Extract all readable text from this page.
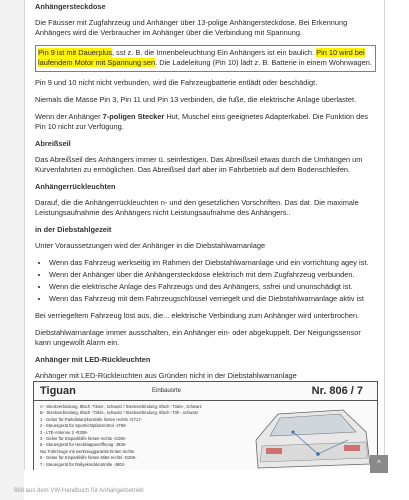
Anhängersteckdose

Die Fäusser mit Zugfahrzeug und Anhänger über 13-polige Anhängersteckdose. Bei Erkennung Anhängers wird die Verbraucher im Anhänger über die Verbindung mit Spannung.

Pin 9 ist mit Dauerplus, sst z. B. die Innenbeleuchtung Ein Anhängers ist ein baulich. Pin 10 wird bei laufendem Motor mit Spannung sen. Die Ladeleitung (Pin 10) lädt z. B. Batterie in einem Wohnwagen.

Pin 9 und 10 nicht nicht verbunden, wird die Fahrzeugbatterie entlädt oder beschädigt.

Niemals die Masse Pin 3, Pin 11 und Pin 13 verbinden, die fuße, die elektrische Anlage überlastet.

Wenn der Anhänger 7-poligen Stecker Hut, Muschel eins geeignetes Adapterkabel. Die Funktion des Pin 10 nicht zur Verfügung.

Abreißseil

Das Abreißseil des Anhängers immer ü. seinfestigen. Das Abreißseil etwas durch die Umhängen um Kurvenfahrten zu ermöglichen. Das Abreißseil darf aber im Fahrbetrieb auf dem Bodenschleifen.

Anhängerrückleuchten

Darauf, die die Anhängerrückleuchten n- und den gesetzlichen Vorschriften. Das dat. Die maximale Leistungsaufnahme des Anhängers nicht Leistungsaufnahme des Anhängers..

in der Diebstahlgezeit

Unter Voraussetzungen wird der Anhänger in die Diebstahlwarnanlage

• Wenn das Fahrzeug werkseitig im Rahmen der Diebstahlwarnanlage und ein vorrichtung agey ist.
• Wenn der Anhänger über die Anhängersteckdose elektrisch mit dem Zugfahrzeug verbunden.
• Wenn die elektrische Anlage des Fahrzeugs und des Anhängers, ssfrei und ununschädigt ist.
• Wenn das Fahrzeug mit dem Fahrzeugschlüssel verriegelt und die Diebstahlwarnanlage aktiv ist

Bei verriegeltem Fahrzeug löst aus, die... elektrische Verbindung zum Anhänger wird unterbrochen.

Diebstahlwarnanlage immer ausschalten, ein Anhänger ein- oder abgekuppelt. Der Neigungssensor kann ungewollt Alarm ein.

Anhänger mit LED-Rückleuchten

Anhänger mit LED-Rückleuchten aus Gründen nicht in der Diebstahlwarnanlage

Tiguan	Einbauorte	Nr. 806 / 7
A - Steckverbindung, 8fach -T3a/x-, schwarz / Steckverbindung, 8fach -T3a/e-, schwarz
B - Steckverbindung, 8fach -T3k/x-, schwarz / Steckverbindung, 8fach -T3h-, schwarz
1 - Geber für Parkdistanzkontrolle hinten rechts -G717-
2 - Steuergerät für Sportrichtpfanzentrol -J769-
3 - LTE-Antenne 2 -R306-
4 - Geber für Einparkhilfe hinten rechts -G206-
5 - Steuergerät für Heckklappenöffnung -J938-
Nur Fahrzeuge mit werkzeuggarantie hinten rechts
6 - Geber für Einparkhilfe hinten Mitte rechts -G206-
7 - Steuergerät für Rallyeknickkontrolle -J602-	^
Bild aus dem VW-Handbuch für Anhängerbetrieb
